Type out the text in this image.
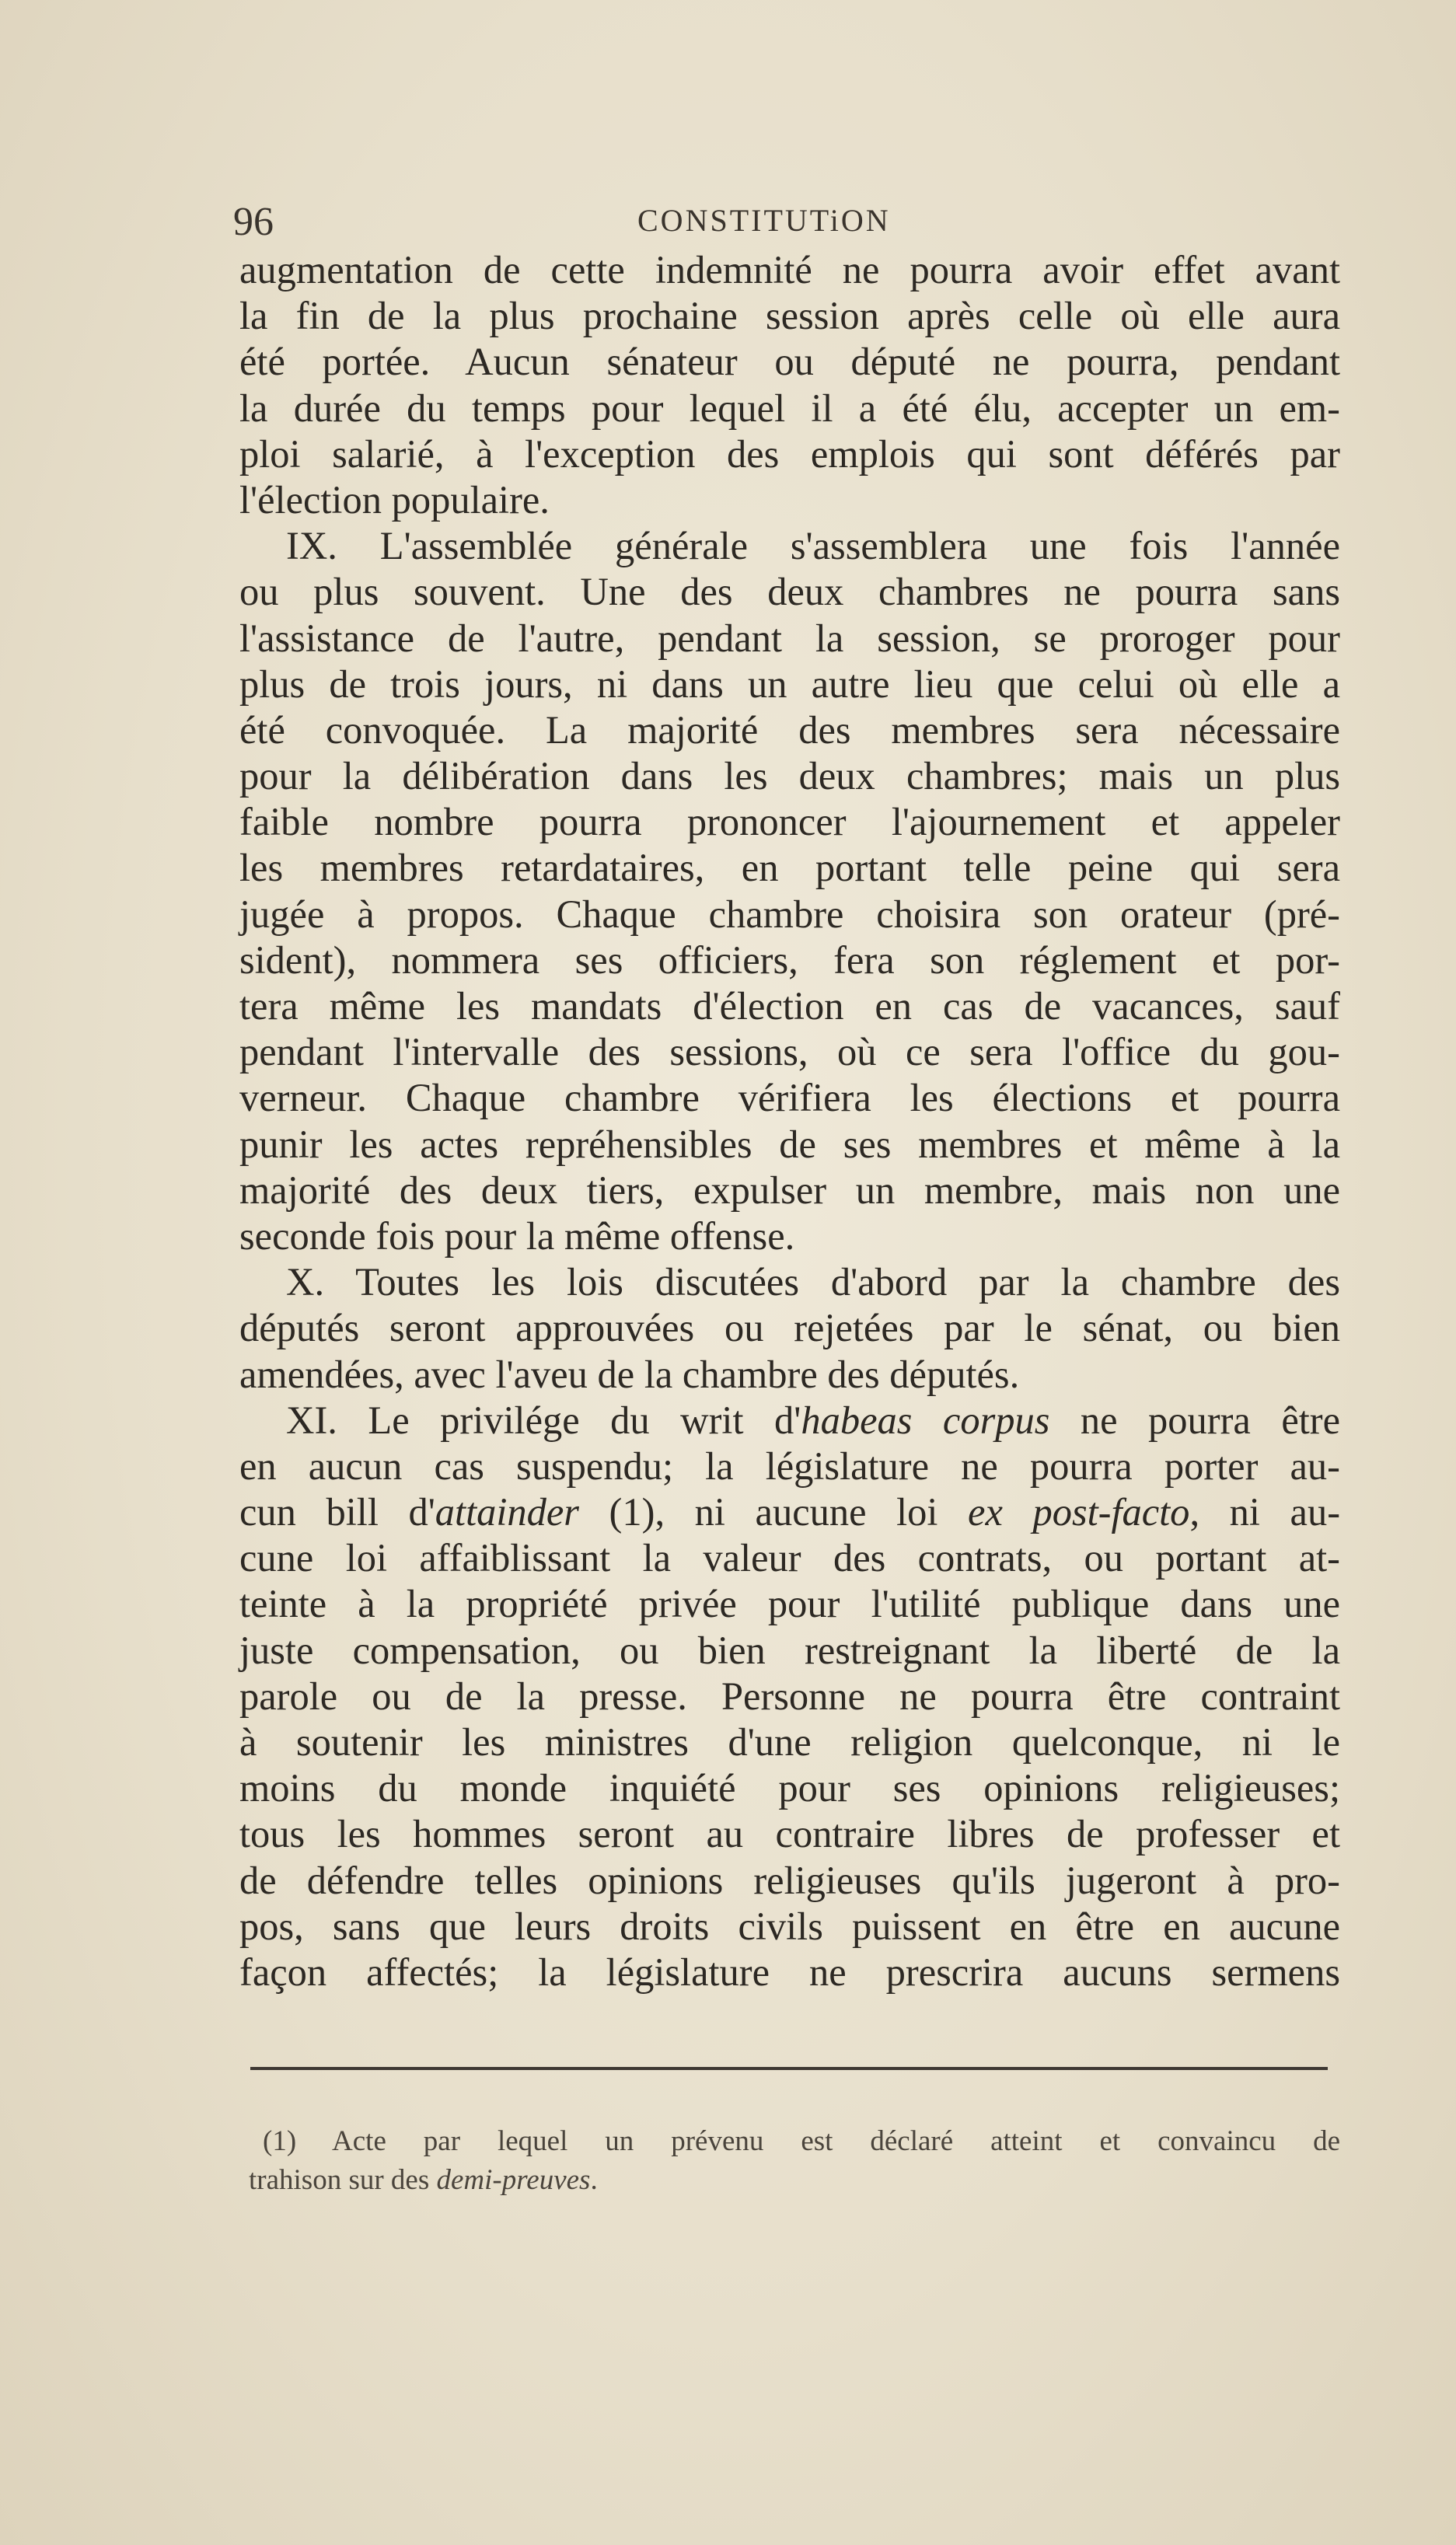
96	CONSTITUTiON
augmentation de cette indemnité ne pourra avoir effet avant
la fin de la plus prochaine session après celle où elle aura
été portée. Aucun sénateur ou député ne pourra, pendant
la durée du temps pour lequel il a été élu, accepter un em-
ploi salarié, à l'exception des emplois qui sont déférés par
l'élection populaire.
IX. L'assemblée générale s'assemblera une fois l'année
ou plus souvent. Une des deux chambres ne pourra sans
l'assistance de l'autre, pendant la session, se proroger pour
plus de trois jours, ni dans un autre lieu que celui où elle a
été convoquée. La majorité des membres sera nécessaire
pour la délibération dans les deux chambres; mais un plus
faible nombre pourra prononcer l'ajournement et appeler
les membres retardataires, en portant telle peine qui sera
jugée à propos. Chaque chambre choisira son orateur (pré-
sident), nommera ses officiers, fera son réglement et por-
tera même les mandats d'élection en cas de vacances, sauf
pendant l'intervalle des sessions, où ce sera l'office du gou-
verneur. Chaque chambre vérifiera les élections et pourra
punir les actes repréhensibles de ses membres et même à la
majorité des deux tiers, expulser un membre, mais non une
seconde fois pour la même offense.
X. Toutes les lois discutées d'abord par la chambre des
députés seront approuvées ou rejetées par le sénat, ou bien
amendées, avec l'aveu de la chambre des députés.
XI. Le privilége du writ d'habeas corpus ne pourra être
en aucun cas suspendu; la législature ne pourra porter au-
cun bill d'attainder (1), ni aucune loi ex post-facto, ni au-
cune loi affaiblissant la valeur des contrats, ou portant at-
teinte à la propriété privée pour l'utilité publique dans une
juste compensation, ou bien restreignant la liberté de la
parole ou de la presse. Personne ne pourra être contraint
à soutenir les ministres d'une religion quelconque, ni le
moins du monde inquiété pour ses opinions religieuses;
tous les hommes seront au contraire libres de professer et
de défendre telles opinions religieuses qu'ils jugeront à pro-
pos, sans que leurs droits civils puissent en être en aucune
façon affectés; la législature ne prescrira aucuns sermens
(1) Acte par lequel un prévenu est déclaré atteint et convaincu de
trahison sur des demi-preuves.
